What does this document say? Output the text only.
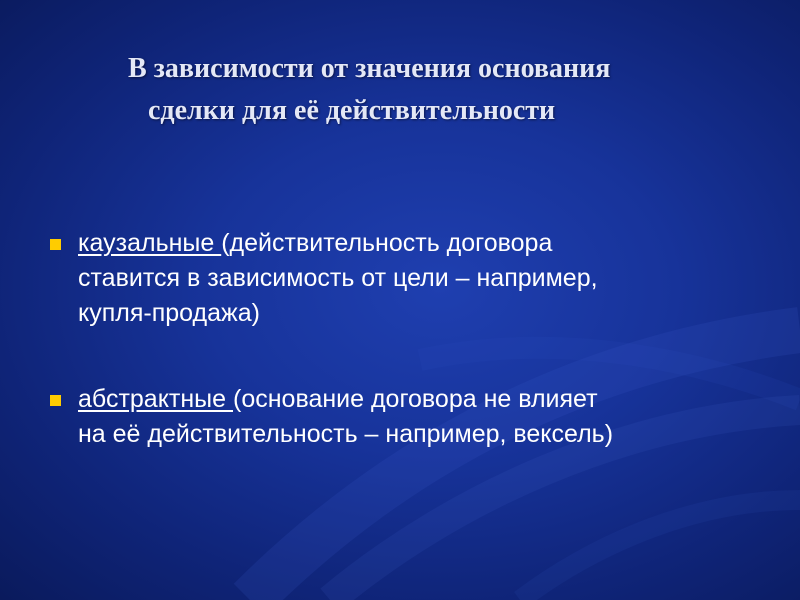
В зависимости от значения основания
сделки для её действительности
каузальные (действительность договора
ставится в зависимость от цели – например,
купля-продажа)
абстрактные (основание договора не влияет
на её действительность – например, вексель)
